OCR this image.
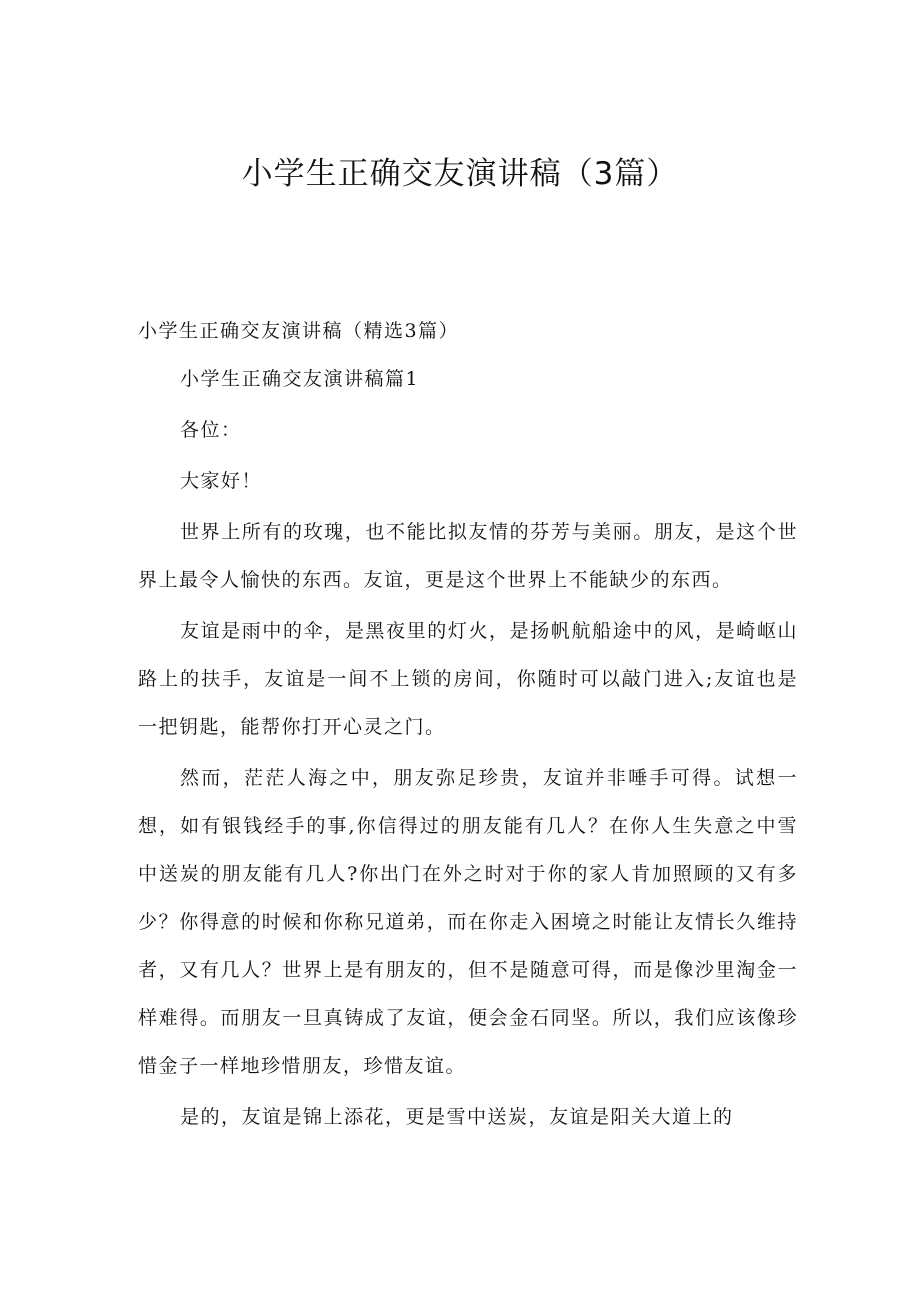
小学生正确交友演讲稿（3篇）

小学生正确交友演讲稿（精选3篇）

小学生正确交友演讲稿篇1

各位：

大家好！

世界上所有的玫瑰，也不能比拟友情的芬芳与美丽。朋友，是这个世界上最令人愉快的东西。友谊，更是这个世界上不能缺少的东西。

友谊是雨中的伞，是黑夜里的灯火，是扬帆航船途中的风，是崎岖山路上的扶手，友谊是一间不上锁的房间，你随时可以敲门进入;友谊也是一把钥匙，能帮你打开心灵之门。

然而，茫茫人海之中，朋友弥足珍贵，友谊并非唾手可得。试想一想，如有银钱经手的事,你信得过的朋友能有几人？在你人生失意之中雪中送炭的朋友能有几人?你出门在外之时对于你的家人肯加照顾的又有多少？你得意的时候和你称兄道弟，而在你走入困境之时能让友情长久维持者，又有几人？世界上是有朋友的，但不是随意可得，而是像沙里淘金一样难得。而朋友一旦真铸成了友谊，便会金石同坚。所以，我们应该像珍惜金子一样地珍惜朋友，珍惜友谊。

是的，友谊是锦上添花，更是雪中送炭，友谊是阳关大道上的
